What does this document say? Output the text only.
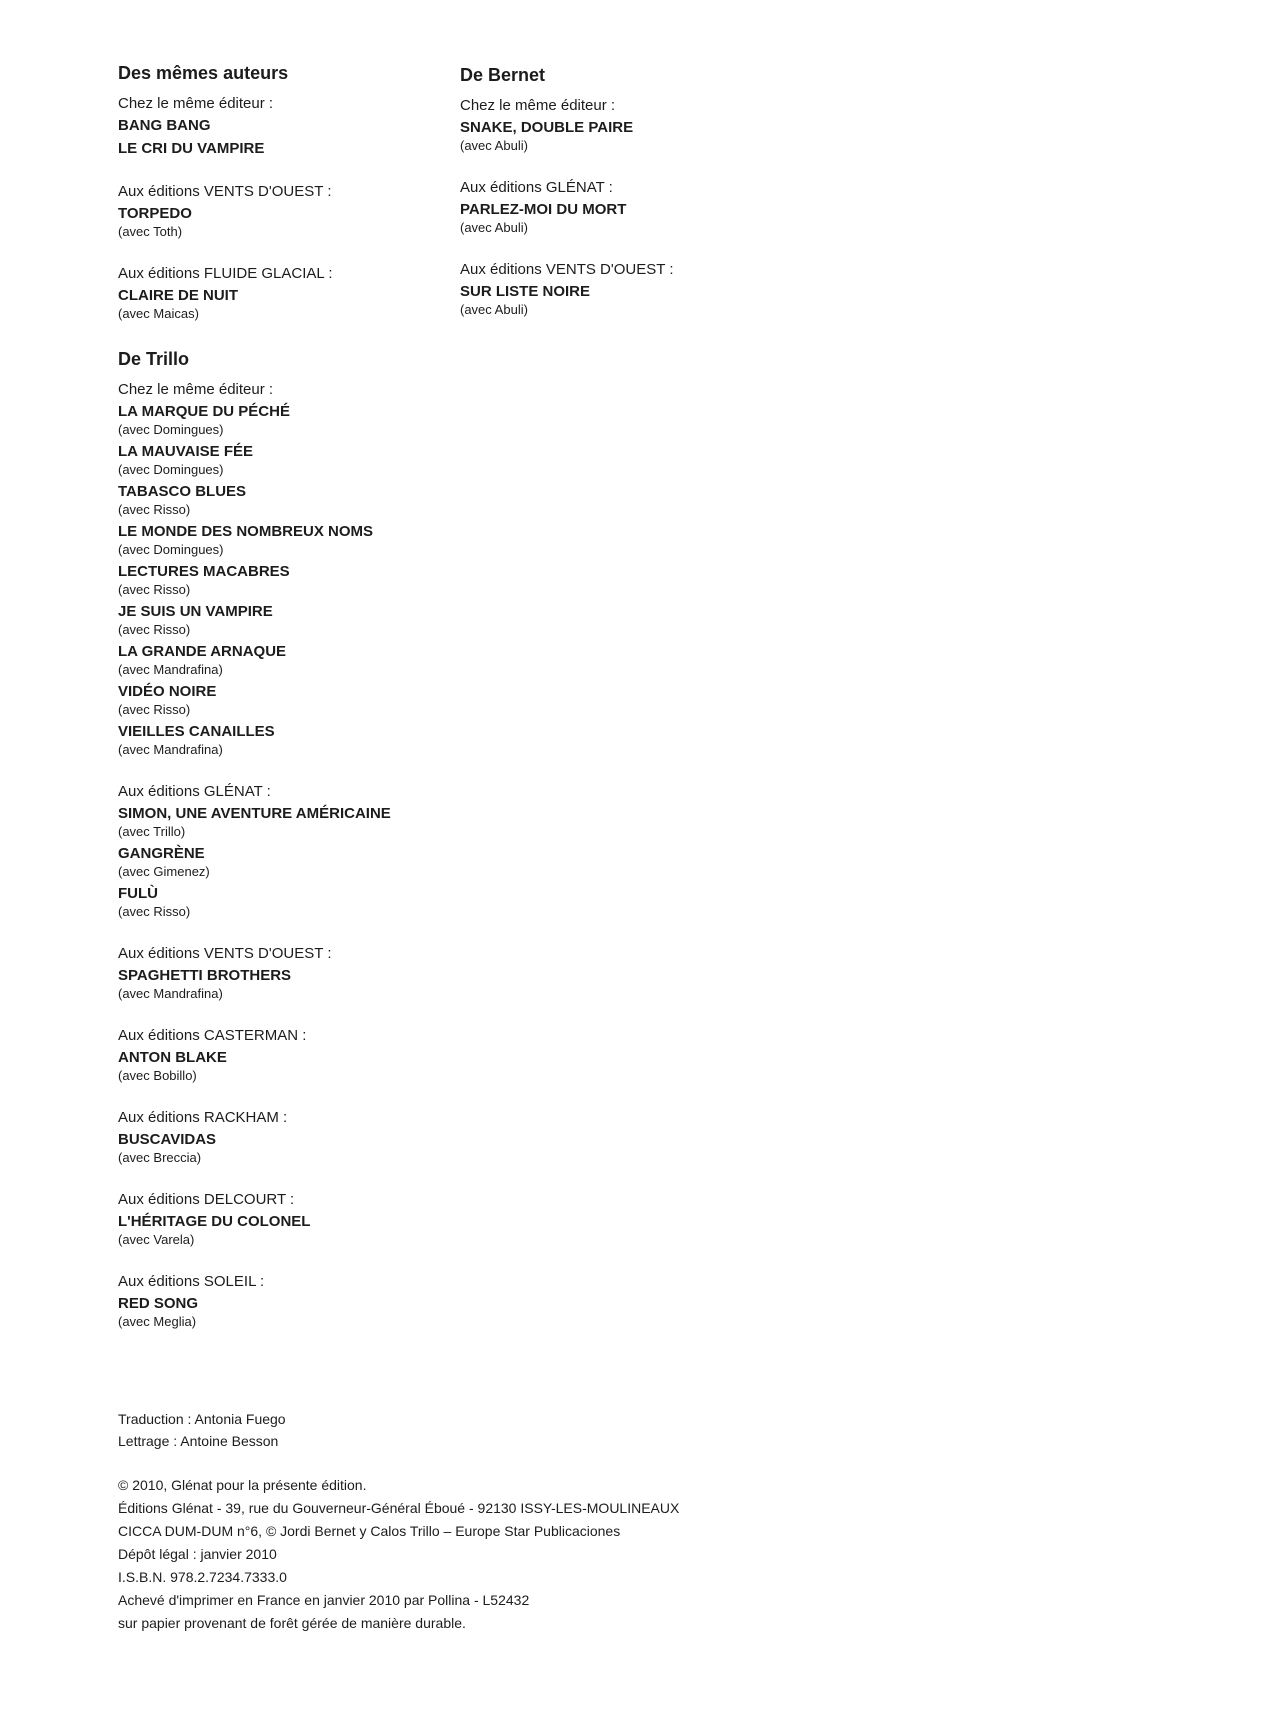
Des mêmes auteurs
Chez le même éditeur :
BANG BANG
LE CRI DU VAMPIRE
Aux éditions VENTS D'OUEST :
TORPEDO
(avec Toth)
Aux éditions FLUIDE GLACIAL :
CLAIRE DE NUIT
(avec Maicas)
De Trillo
Chez le même éditeur :
LA MARQUE DU PÉCHÉ
(avec Domingues)
LA MAUVAISE FÉE
(avec Domingues)
TABASCO BLUES
(avec Risso)
LE MONDE DES NOMBREUX NOMS
(avec Domingues)
LECTURES MACABRES
(avec Risso)
JE SUIS UN VAMPIRE
(avec Risso)
LA GRANDE ARNAQUE
(avec Mandrafina)
VIDÉO NOIRE
(avec Risso)
VIEILLES CANAILLES
(avec Mandrafina)
Aux éditions GLÉNAT :
SIMON, UNE AVENTURE AMÉRICAINE
(avec Trillo)
GANGRÈNE
(avec Gimenez)
FULÙ
(avec Risso)
Aux éditions VENTS D'OUEST :
SPAGHETTI BROTHERS
(avec Mandrafina)
Aux éditions CASTERMAN :
ANTON BLAKE
(avec Bobillo)
Aux éditions RACKHAM :
BUSCAVIDAS
(avec Breccia)
Aux éditions DELCOURT :
L'HÉRITAGE DU COLONEL
(avec Varela)
Aux éditions SOLEIL :
RED SONG
(avec Meglia)
De Bernet
Chez le même éditeur :
SNAKE, DOUBLE PAIRE
(avec Abuli)
Aux éditions GLÉNAT :
PARLEZ-MOI DU MORT
(avec Abuli)
Aux éditions VENTS D'OUEST :
SUR LISTE NOIRE
(avec Abuli)
Traduction : Antonia Fuego
Lettrage : Antoine Besson
© 2010, Glénat pour la présente édition.
Éditions Glénat - 39, rue du Gouverneur-Général Éboué - 92130 ISSY-LES-MOULINEAUX
CICCA DUM-DUM n°6, © Jordi Bernet y Calos Trillo – Europe Star Publicaciones
Dépôt légal : janvier 2010
I.S.B.N. 978.2.7234.7333.0
Achevé d'imprimer en France en janvier 2010 par Pollina - L52432
sur papier provenant de forêt gérée de manière durable.
